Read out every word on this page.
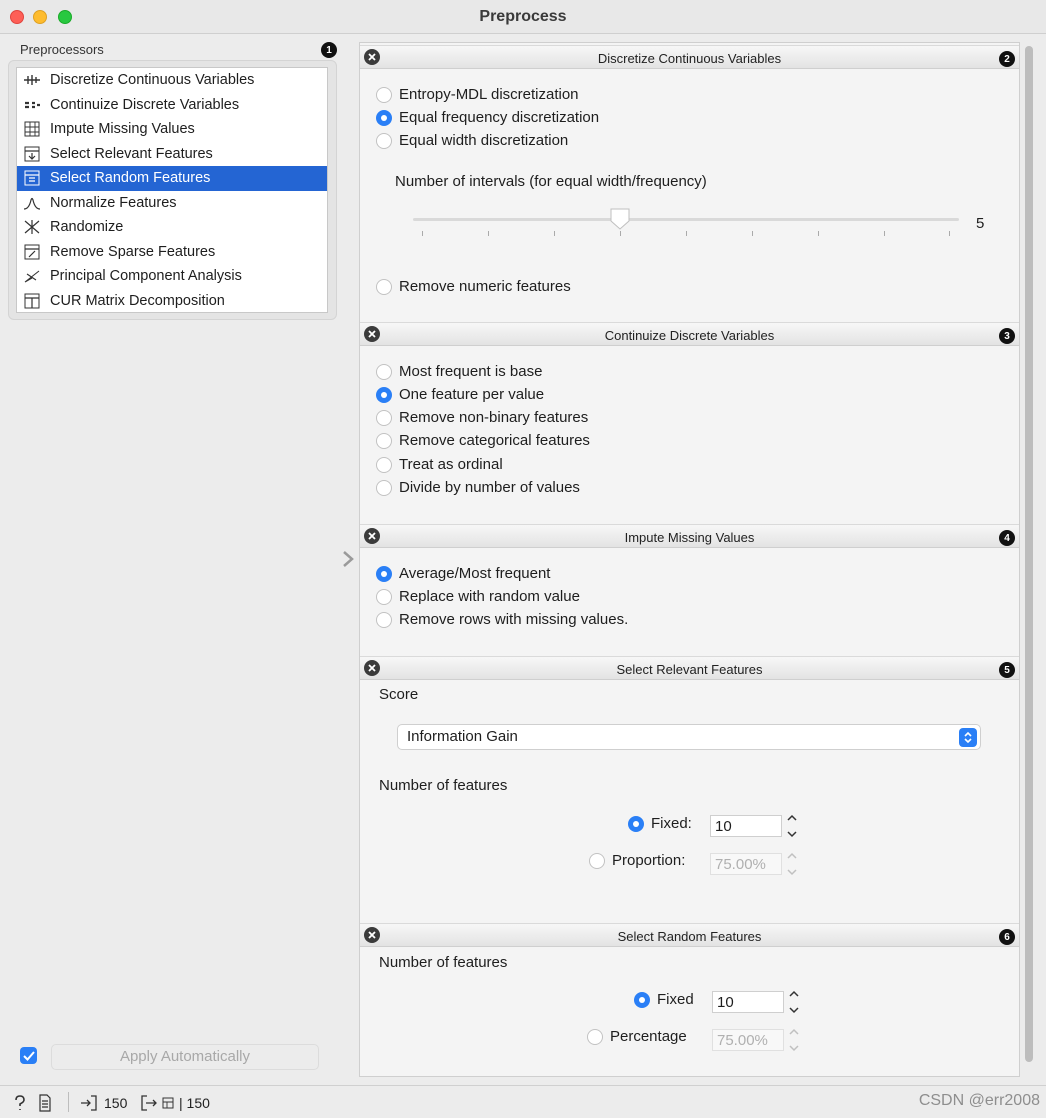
Preprocess
Preprocessors	1
Discretize Continuous Variables
Continuize Discrete Variables
Impute Missing Values
Select Relevant Features
Select Random Features
Normalize Features
Randomize
Remove Sparse Features
Principal Component Analysis
CUR Matrix Decomposition
Apply Automatically
Discretize Continuous Variables	2
Entropy-MDL discretization
Equal frequency discretization
Equal width discretization
Number of intervals (for equal width/frequency)
5
Remove numeric features
Continuize Discrete Variables	3
Most frequent is base
One feature per value
Remove non-binary features
Remove categorical features
Treat as ordinal
Divide by number of values
Impute Missing Values	4
Average/Most frequent
Replace with random value
Remove rows with missing values.
Select Relevant Features	5
Score
Information Gain
Number of features
Fixed:	10
Proportion:	75.00%
Select Random Features	6
Number of features
Fixed	10
Percentage	75.00%
150	| 150	CSDN @err2008
